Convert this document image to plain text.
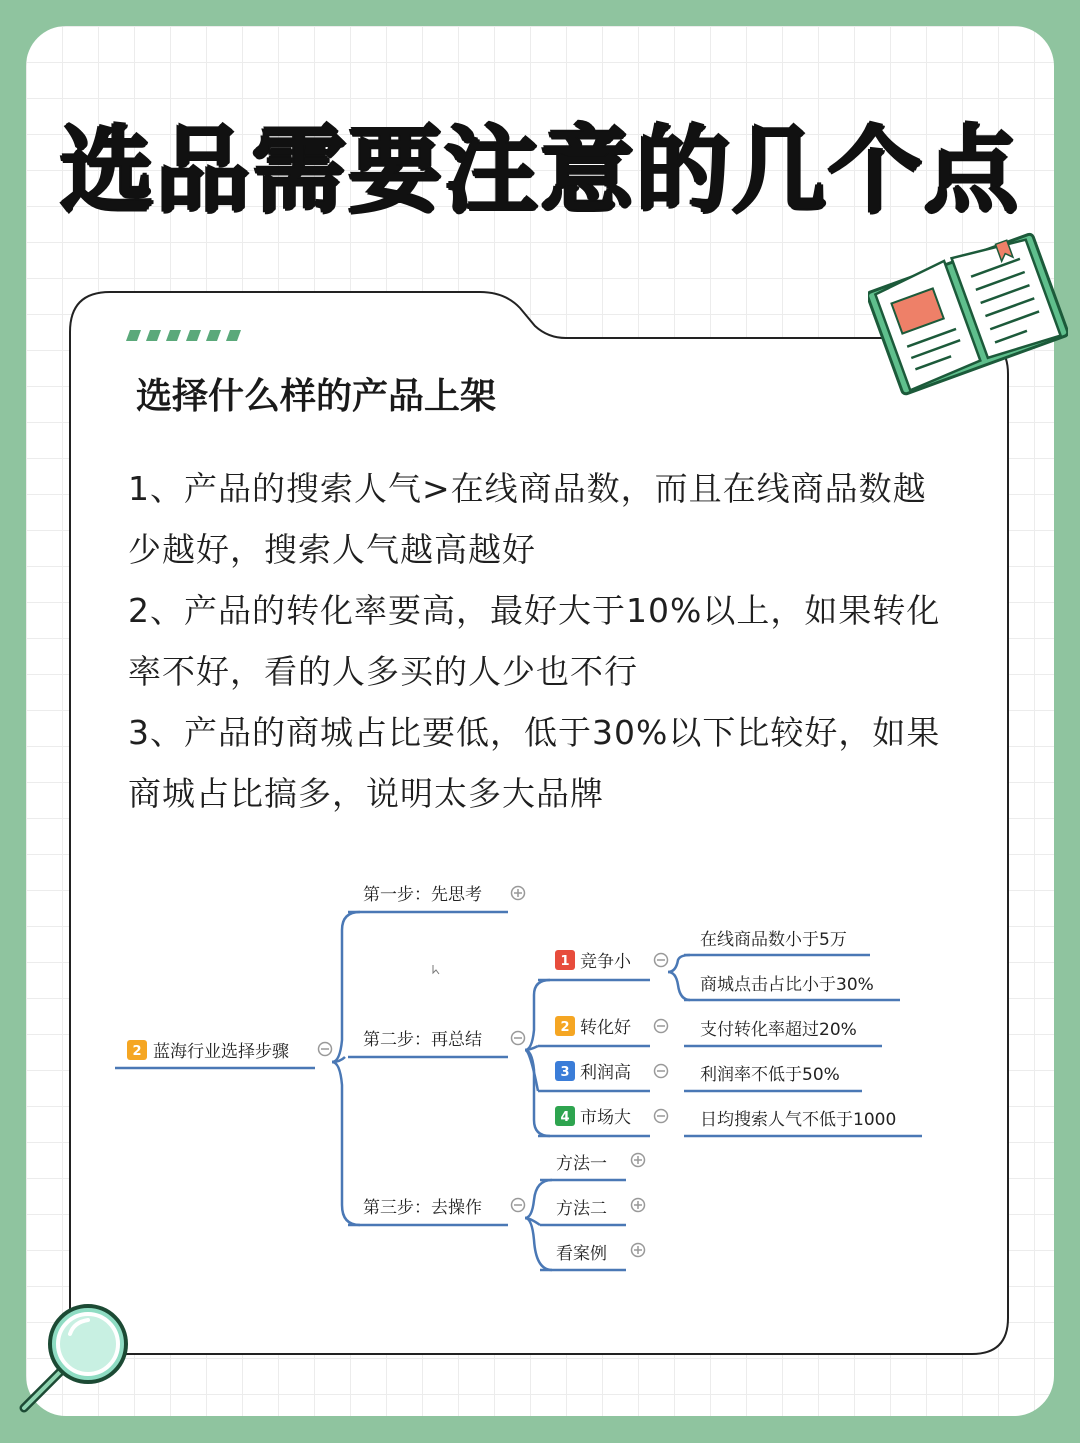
选品需要注意的几个点
选择什么样的产品上架

1、产品的搜索人气>在线商品数，而且在线商品数越少越好，搜索人气越高越好

2、产品的转化率要高，最好大于10%以上，如果转化率不好，看的人多买的人少也不行

3、产品的商城占比要低，低于30%以下比较好，如果商城占比搞多，说明太多大品牌

2
1
2
3
4
蓝海行业选择步骤
第一步：先思考
第二步：再总结
第三步：去操作
竞争小
转化好
利润高
市场大
在线商品数小于5万
商城点击占比小于30%
支付转化率超过20%
利润率不低于50%
日均搜索人气不低于1000
方法一
方法二
看案例
